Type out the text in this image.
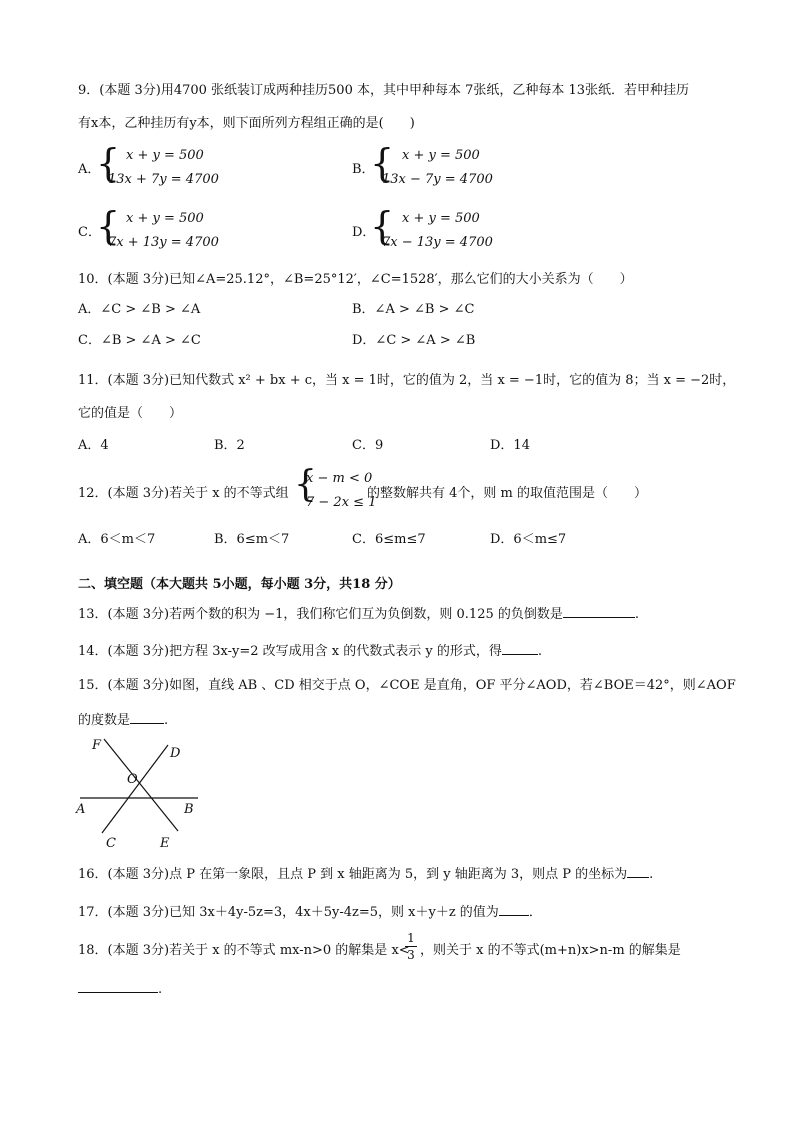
9．(本题 3分)用4700 张纸装订成两种挂历500 本，其中甲种每本 7张纸，乙种每本 13张纸．若甲种挂历
有x本，乙种挂历有y本，则下面所列方程组正确的是(　　)
A．
{ x + y = 500
13x + 7y = 4700
B．
{ x + y = 500
13x − 7y = 4700
C．
{ x + y = 500
7x + 13y = 4700
D．
{ x + y = 500
7x − 13y = 4700
10．(本题 3分)已知∠A=25.12°，∠B=25°12′，∠C=1528′，那么它们的大小关系为（　　）
A．∠C > ∠B > ∠A	B．∠A > ∠B > ∠C
C．∠B > ∠A > ∠C	D．∠C > ∠A > ∠B
11．(本题 3分)已知代数式 x² + bx + c，当 x = 1时，它的值为 2，当 x = −1时，它的值为 8；当 x = −2时，
它的值是（　　）
A．4	B．2	C．9	D．14
12．(本题 3分)若关于 x 的不等式组 {
x − m < 0
7 − 2x ≤ 1
的整数解共有 4个，则 m 的取值范围是（　　）
A．6＜m＜7	B．6≤m＜7	C．6≤m≤7	D．6＜m≤7
二、填空题（本大题共 5小题，每小题 3分，共18 分）
13．(本题 3分)若两个数的积为 −1，我们称它们互为负倒数，则 0.125 的负倒数是	.
14．(本题 3分)把方程 3x-y=2 改写成用含 x 的代数式表示 y 的形式，得	.
15．(本题 3分)如图，直线 AB 、CD 相交于点 O，∠COE 是直角，OF 平分∠AOD，若∠BOE＝42°，则∠AOF
的度数是	.
F
D
O
A	B
C	E
16．(本题 3分)点 P 在第一象限，且点 P 到 x 轴距离为 5，到 y 轴距离为 3，则点 P 的坐标为 .
17．(本题 3分)已知 3x＋4y-5z=3，4x＋5y-4z=5，则 x＋y＋z 的值为 ．
18．(本题 3分)若关于 x 的不等式 mx-n>0 的解集是 x<
1
3 ，则关于 x 的不等式(m+n)x>n-m 的解集是
.
